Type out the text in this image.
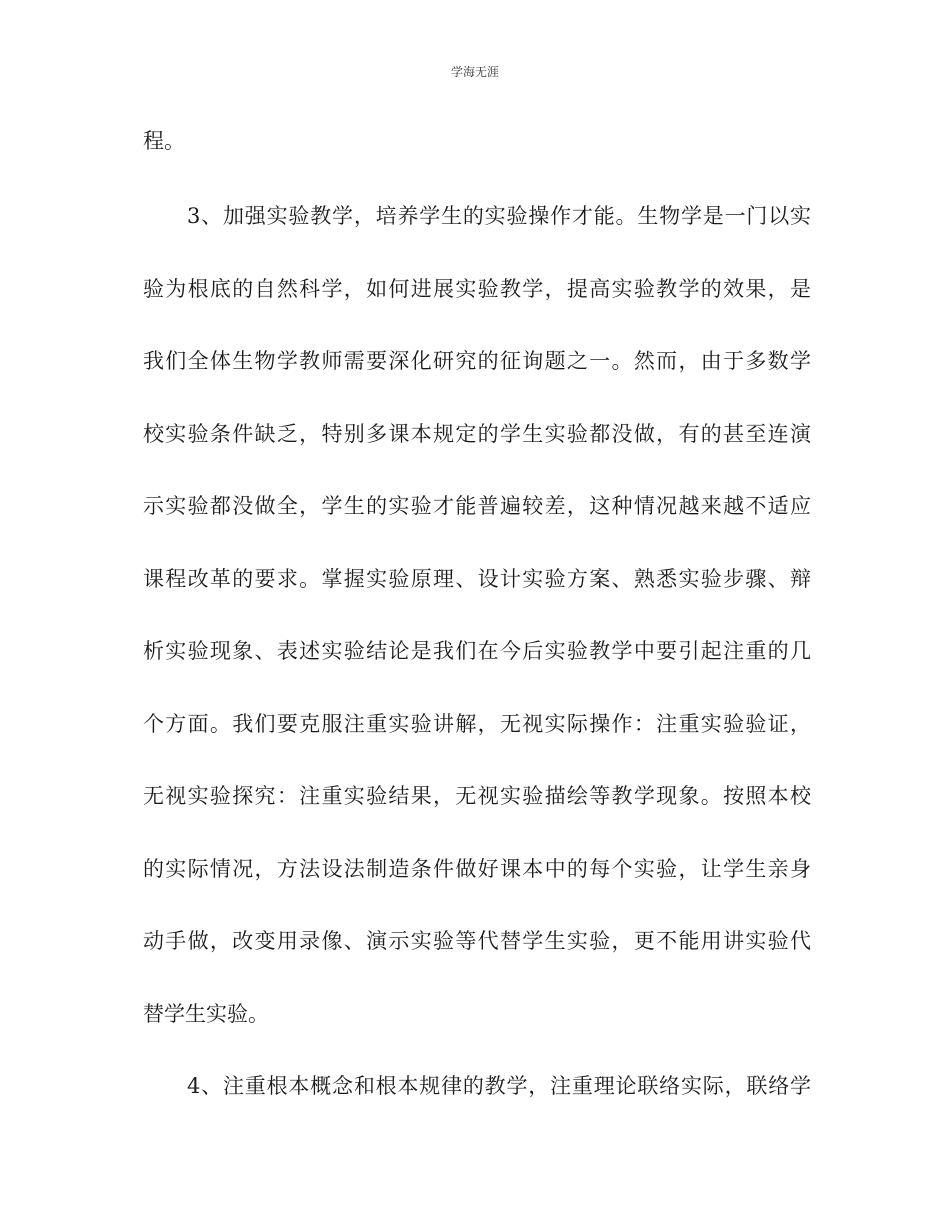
学海无涯
程。
3、加强实验教学，培养学生的实验操作才能。生物学是一门以实
验为根底的自然科学，如何进展实验教学，提高实验教学的效果，是
我们全体生物学教师需要深化研究的征询题之一。然而，由于多数学
校实验条件缺乏，特别多课本规定的学生实验都没做，有的甚至连演
示实验都没做全，学生的实验才能普遍较差，这种情况越来越不适应
课程改革的要求。掌握实验原理、设计实验方案、熟悉实验步骤、辩
析实验现象、表述实验结论是我们在今后实验教学中要引起注重的几
个方面。我们要克服注重实验讲解，无视实际操作：注重实验验证，
无视实验探究：注重实验结果，无视实验描绘等教学现象。按照本校
的实际情况，方法设法制造条件做好课本中的每个实验，让学生亲身
动手做，改变用录像、演示实验等代替学生实验，更不能用讲实验代
替学生实验。
4、注重根本概念和根本规律的教学，注重理论联络实际，联络学
